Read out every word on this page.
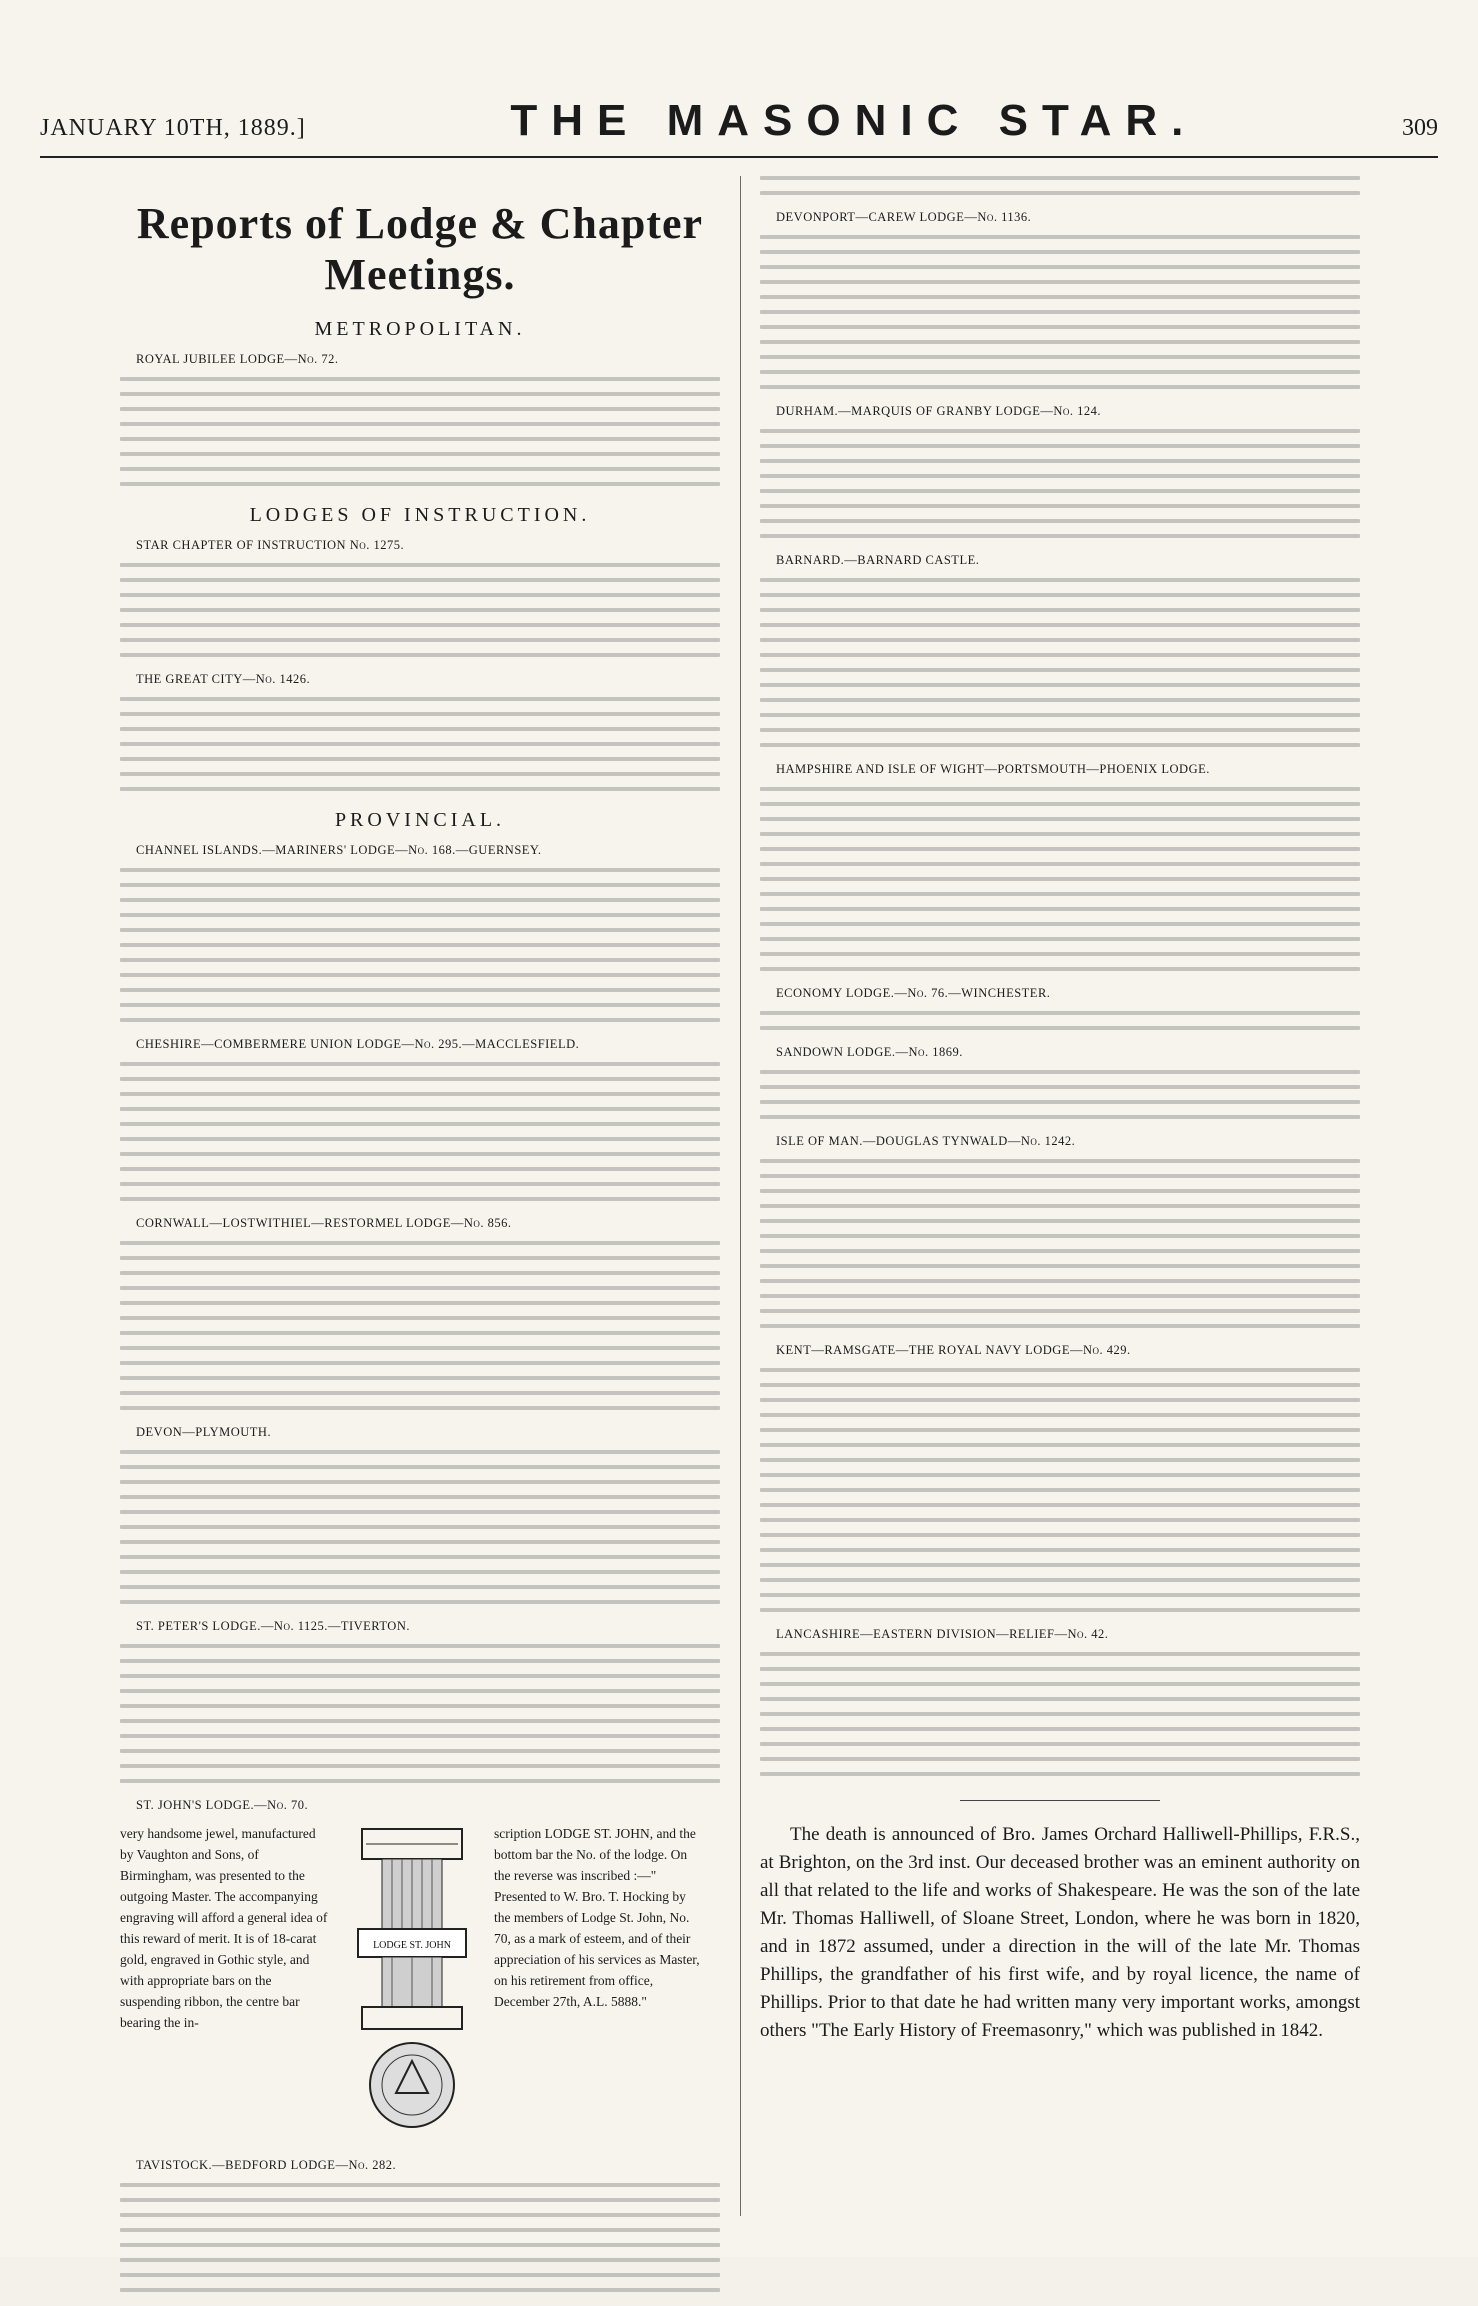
JANUARY 10TH, 1889.]	THE MASONIC STAR.	309
Reports of Lodge & Chapter Meetings.
METROPOLITAN.

ROYAL JUBILEE LODGE—No. 72.

LODGES OF INSTRUCTION.

STAR CHAPTER OF INSTRUCTION No. 1275.

THE GREAT CITY—No. 1426.

PROVINCIAL.

CHANNEL ISLANDS.—MARINERS' LODGE—No. 168.—GUERNSEY.

CHESHIRE—COMBERMERE UNION LODGE—No. 295.—MACCLESFIELD.

CORNWALL—LOSTWITHIEL—RESTORMEL LODGE—No. 856.

DEVON—PLYMOUTH.

ST. PETER'S LODGE.—No. 1125.—TIVERTON.

ST. JOHN'S LODGE.—No. 70.

very handsome jewel, manufactured by Vaughton and Sons, of Birmingham, was presented to the outgoing Master. The accompanying engraving will afford a general idea of this reward of merit. It is of 18-carat gold, engraved in Gothic style, and with appropriate bars on the suspending ribbon, the centre bar bearing the in-
LODGE ST. JOHN
scription LODGE ST. JOHN, and the bottom bar the No. of the lodge. On the reverse was inscribed :—" Presented to W. Bro. T. Hocking by the members of Lodge St. John, No. 70, as a mark of esteem, and of their appreciation of his services as Master, on his retirement from office, December 27th, A.L. 5888."

TAVISTOCK.—BEDFORD LODGE—No. 282.

DEVONPORT—CAREW LODGE—No. 1136.

DURHAM.—MARQUIS OF GRANBY LODGE—No. 124.

BARNARD.—BARNARD CASTLE.

HAMPSHIRE AND ISLE OF WIGHT—PORTSMOUTH—PHOENIX LODGE.

ECONOMY LODGE.—No. 76.—WINCHESTER.

SANDOWN LODGE.—No. 1869.

ISLE OF MAN.—DOUGLAS TYNWALD—No. 1242.

KENT—RAMSGATE—THE ROYAL NAVY LODGE—No. 429.

LANCASHIRE—EASTERN DIVISION—RELIEF—No. 42.

The death is announced of Bro. James Orchard Halliwell-Phillips, F.R.S., at Brighton, on the 3rd inst. Our deceased brother was an eminent authority on all that related to the life and works of Shakespeare. He was the son of the late Mr. Thomas Halliwell, of Sloane Street, London, where he was born in 1820, and in 1872 assumed, under a direction in the will of the late Mr. Thomas Phillips, the grandfather of his first wife, and by royal licence, the name of Phillips. Prior to that date he had written many very important works, amongst others "The Early History of Freemasonry," which was published in 1842.
